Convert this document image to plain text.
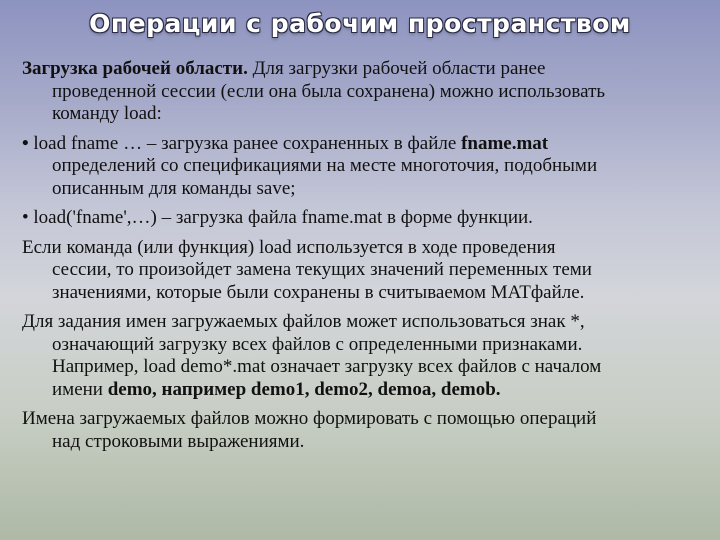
Операции с рабочим пространством

Загрузка рабочей области. Для загрузки рабочей области ранее
проведенной сессии (если она была сохранена) можно использовать
команду load:

• load fname … – загрузка ранее сохраненных в файле fname.mat
определений со спецификациями на месте многоточия, подобными
описанным для команды save;

• load('fname',…) – загрузка файла fname.mat в форме функции.

Если команда (или функция) load используется в ходе проведения
сессии, то произойдет замена текущих значений переменных теми
значениями, которые были сохранены в считываемом MATфайле.

Для задания имен загружаемых файлов может использоваться знак *,
означающий загрузку всех файлов с определенными признаками.
Например, load demo*.mat означает загрузку всех файлов с началом
имени demo, например demo1, demo2, demoa, demob.

Имена загружаемых файлов можно формировать с помощью операций
над строковыми выражениями.
